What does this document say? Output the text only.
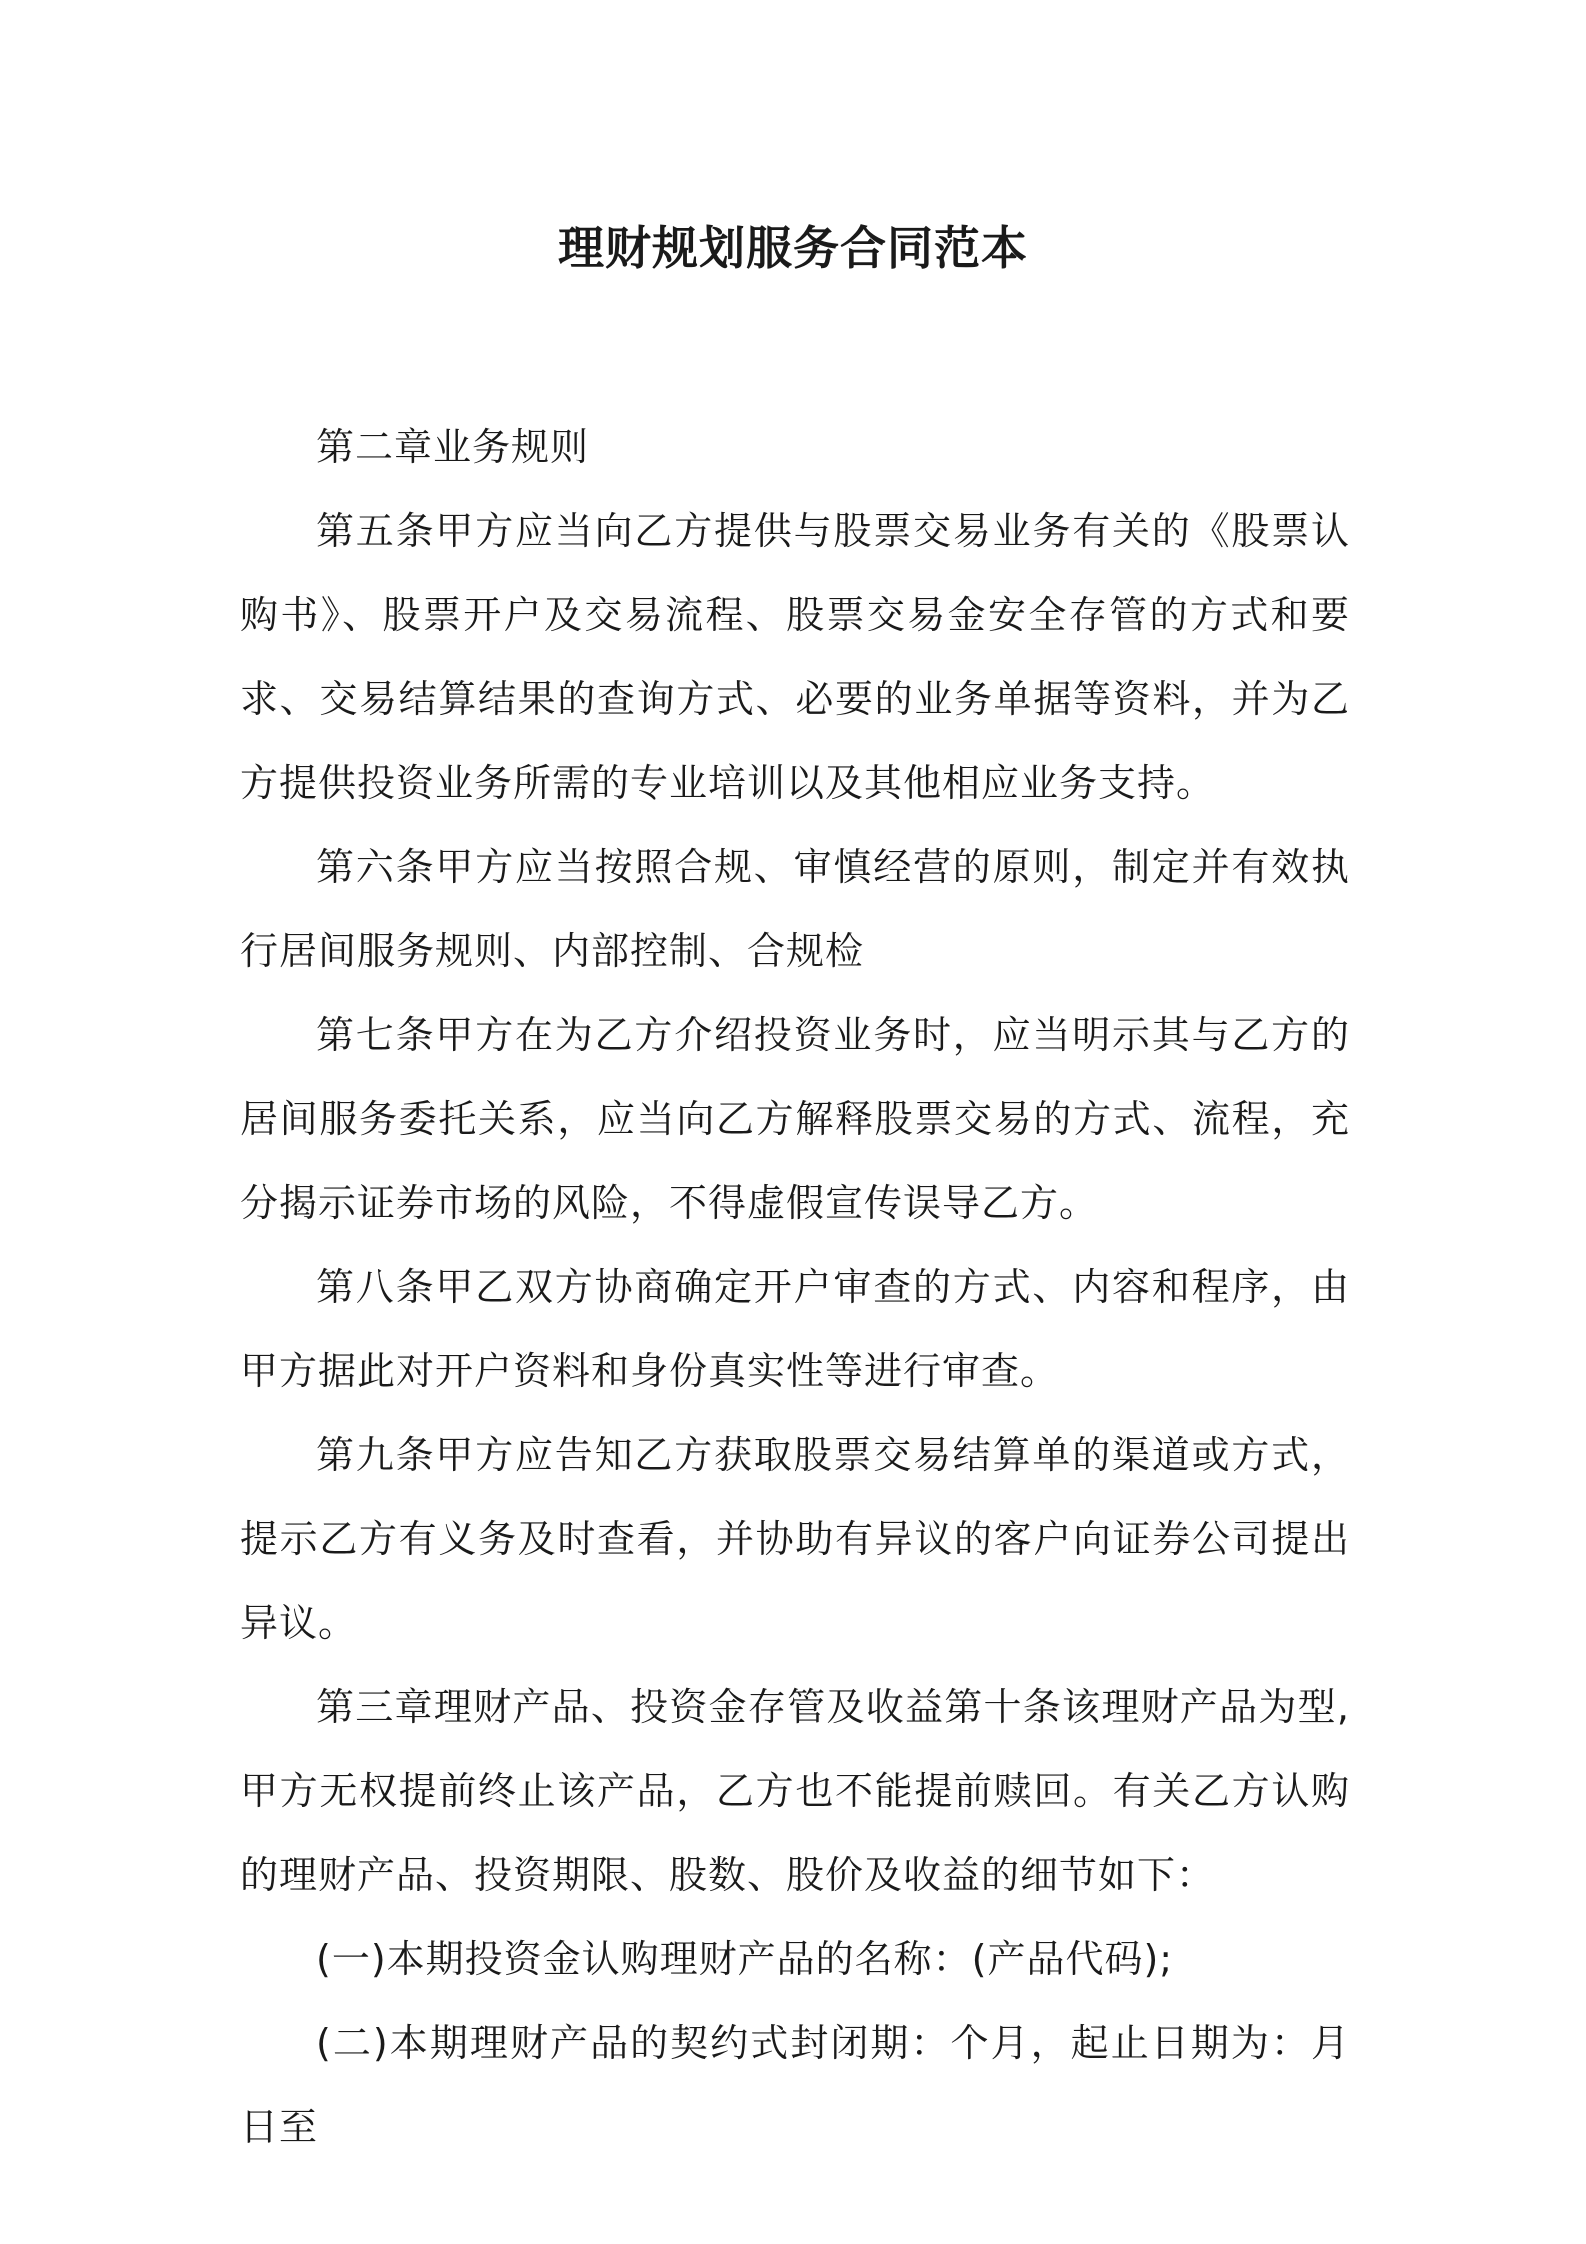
理财规划服务合同范本

第二章业务规则

第五条甲方应当向乙方提供与股票交易业务有关的《股票认购书》、股票开户及交易流程、股票交易金安全存管的方式和要求、交易结算结果的查询方式、必要的业务单据等资料，并为乙方提供投资业务所需的专业培训以及其他相应业务支持。

第六条甲方应当按照合规、审慎经营的原则，制定并有效执行居间服务规则、内部控制、合规检

第七条甲方在为乙方介绍投资业务时，应当明示其与乙方的居间服务委托关系，应当向乙方解释股票交易的方式、流程，充分揭示证券市场的风险，不得虚假宣传误导乙方。

第八条甲乙双方协商确定开户审查的方式、内容和程序，由甲方据此对开户资料和身份真实性等进行审查。

第九条甲方应告知乙方获取股票交易结算单的渠道或方式，提示乙方有义务及时查看，并协助有异议的客户向证券公司提出异议。

第三章理财产品、投资金存管及收益第十条该理财产品为型,甲方无权提前终止该产品，乙方也不能提前赎回。有关乙方认购的理财产品、投资期限、股数、股价及收益的细节如下：

(一)本期投资金认购理财产品的名称：(产品代码);

(二)本期理财产品的契约式封闭期：个月，起止日期为：月日至
